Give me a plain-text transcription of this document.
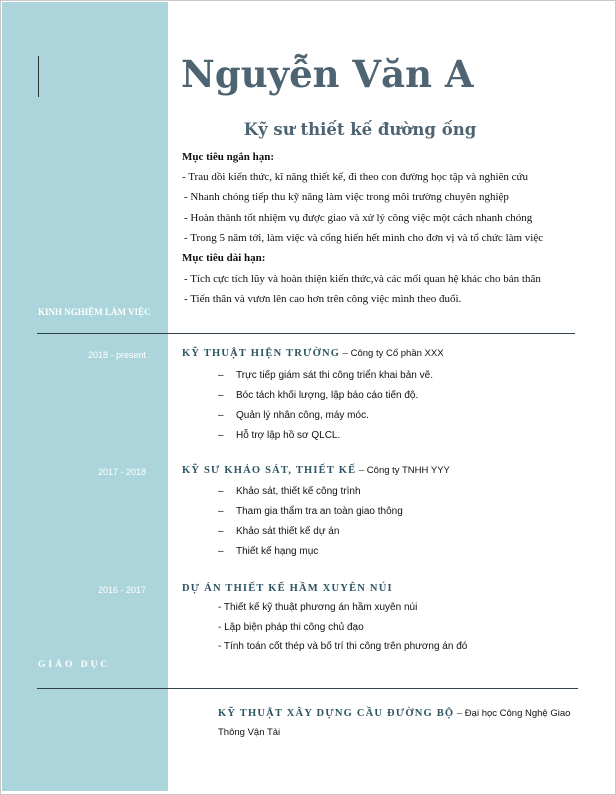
Nguyễn Văn A
Kỹ sư thiết kế đường ống
Mục tiêu ngắn hạn:
- Trau dồi kiến thức, kĩ năng thiết kế, đi theo con đường học tập và nghiên cứu
- Nhanh chóng tiếp thu kỹ năng làm việc trong môi trường chuyên nghiệp
- Hoàn thành tốt nhiệm vụ được giao và xử lý công việc một cách nhanh chóng
- Trong 5 năm tới, làm việc và cống hiến hết mình cho đơn vị và tổ chức làm việc
Mục tiêu dài hạn:
- Tích cực tích lũy và hoàn thiện kiến thức,và các mối quan hệ khác cho bản thân
- Tiến thân và vươn lên cao hơn trên công việc mình theo đuổi.
KINH NGHIỆM LÀM VIỆC
2018 - present	KỸ THUẬT HIỆN TRƯỜNG – Công ty Cổ phần XXX
– Trực tiếp giám sát thi công triển khai bản vẽ.
– Bóc tách khối lượng, lập báo cáo tiến độ.
– Quản lý nhân công, máy móc.
– Hỗ trợ lập hồ sơ QLCL.
2017 - 2018	KỸ SƯ KHẢO SÁT, THIẾT KẾ – Công ty TNHH YYY
– Khảo sát, thiết kế công trình
– Tham gia thẩm tra an toàn giao thông
– Khảo sát thiết kế dự án
– Thiết kế hạng mục
2016 - 2017	DỰ ÁN THIẾT KẾ HẦM XUYÊN NÚI
- Thiết kế kỹ thuật phương án hầm xuyên núi
- Lập biện pháp thi công chủ đạo
- Tính toán cốt thép và bố trí thi công trên phương án đó
GIÁO DỤC
KỸ THUẬT XÂY DỰNG CẦU ĐƯỜNG BỘ – Đại học Công Nghệ Giao
Thông Vận Tải
